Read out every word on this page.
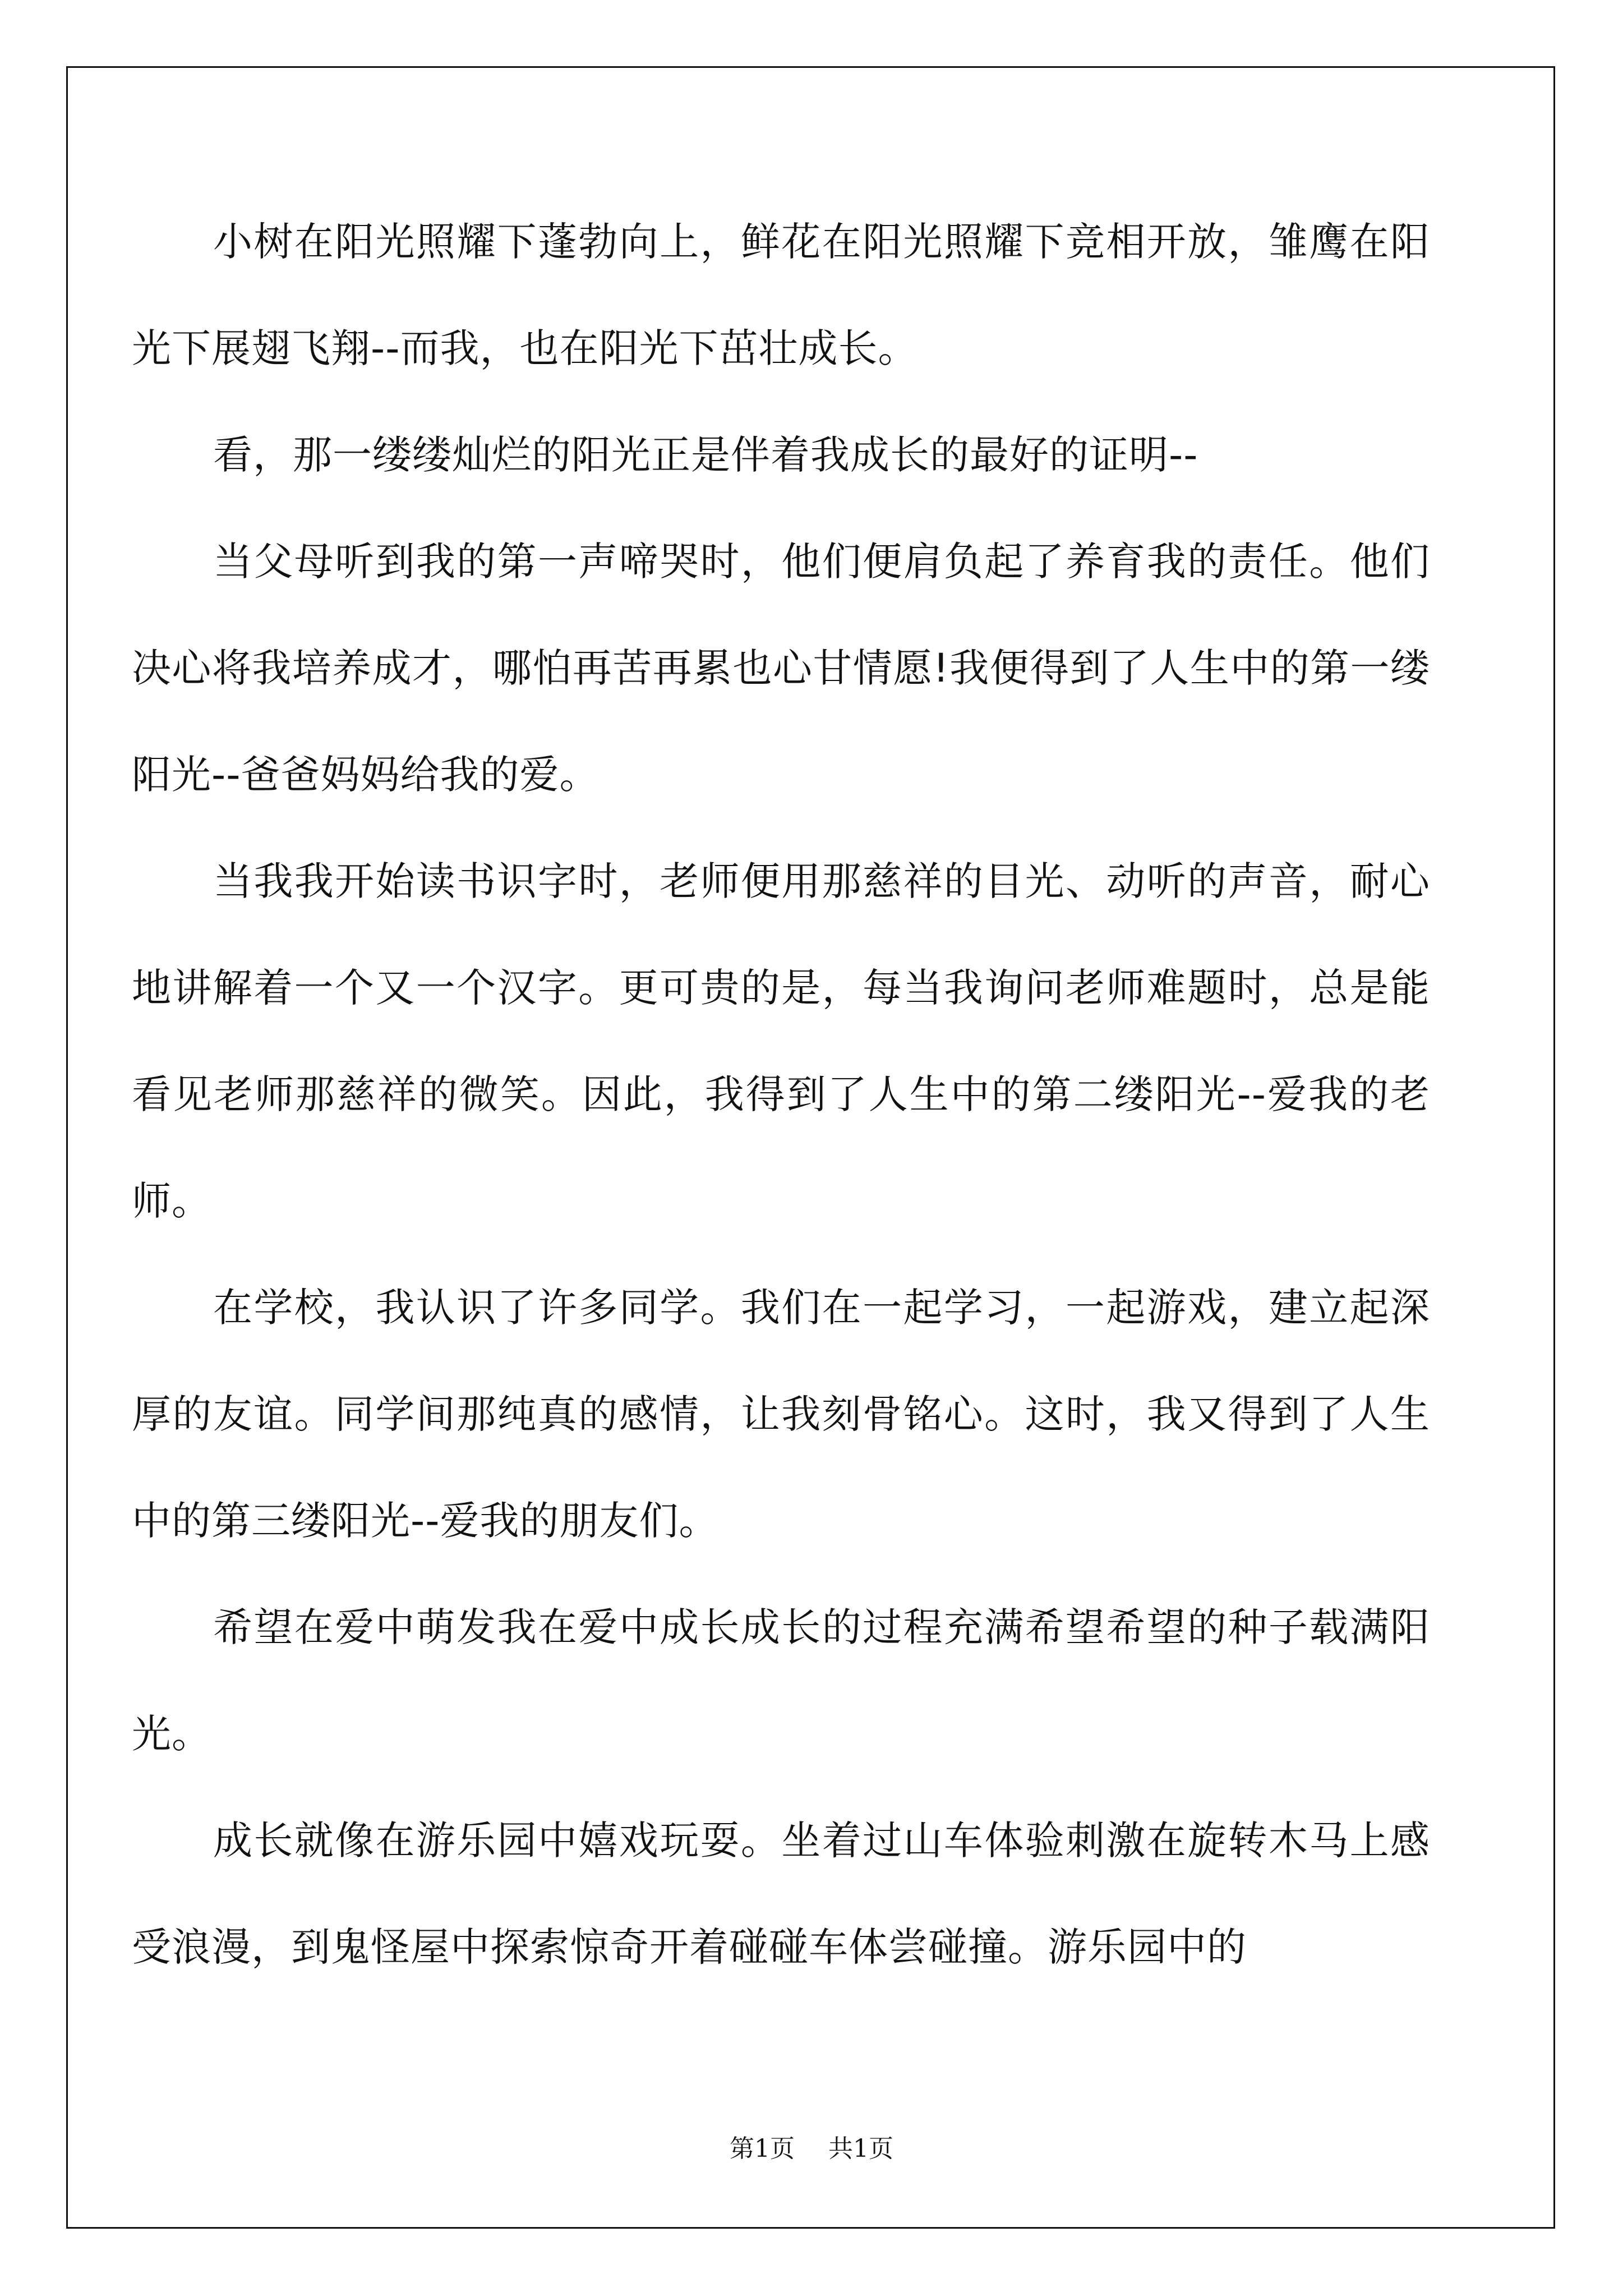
小树在阳光照耀下蓬勃向上，鲜花在阳光照耀下竞相开放，雏鹰在阳光下展翅飞翔--而我，也在阳光下茁壮成长。

看，那一缕缕灿烂的阳光正是伴着我成长的最好的证明--

当父母听到我的第一声啼哭时，他们便肩负起了养育我的责任。他们决心将我培养成才，哪怕再苦再累也心甘情愿!我便得到了人生中的第一缕阳光--爸爸妈妈给我的爱。

当我我开始读书识字时，老师便用那慈祥的目光、动听的声音，耐心地讲解着一个又一个汉字。更可贵的是，每当我询问老师难题时，总是能看见老师那慈祥的微笑。因此，我得到了人生中的第二缕阳光--爱我的老师。

在学校，我认识了许多同学。我们在一起学习，一起游戏，建立起深厚的友谊。同学间那纯真的感情，让我刻骨铭心。这时，我又得到了人生中的第三缕阳光--爱我的朋友们。

希望在爱中萌发我在爱中成长成长的过程充满希望希望的种子载满阳光。

成长就像在游乐园中嬉戏玩耍。坐着过山车体验刺激在旋转木马上感受浪漫，到鬼怪屋中探索惊奇开着碰碰车体尝碰撞。游乐园中的

第1页 共1页
